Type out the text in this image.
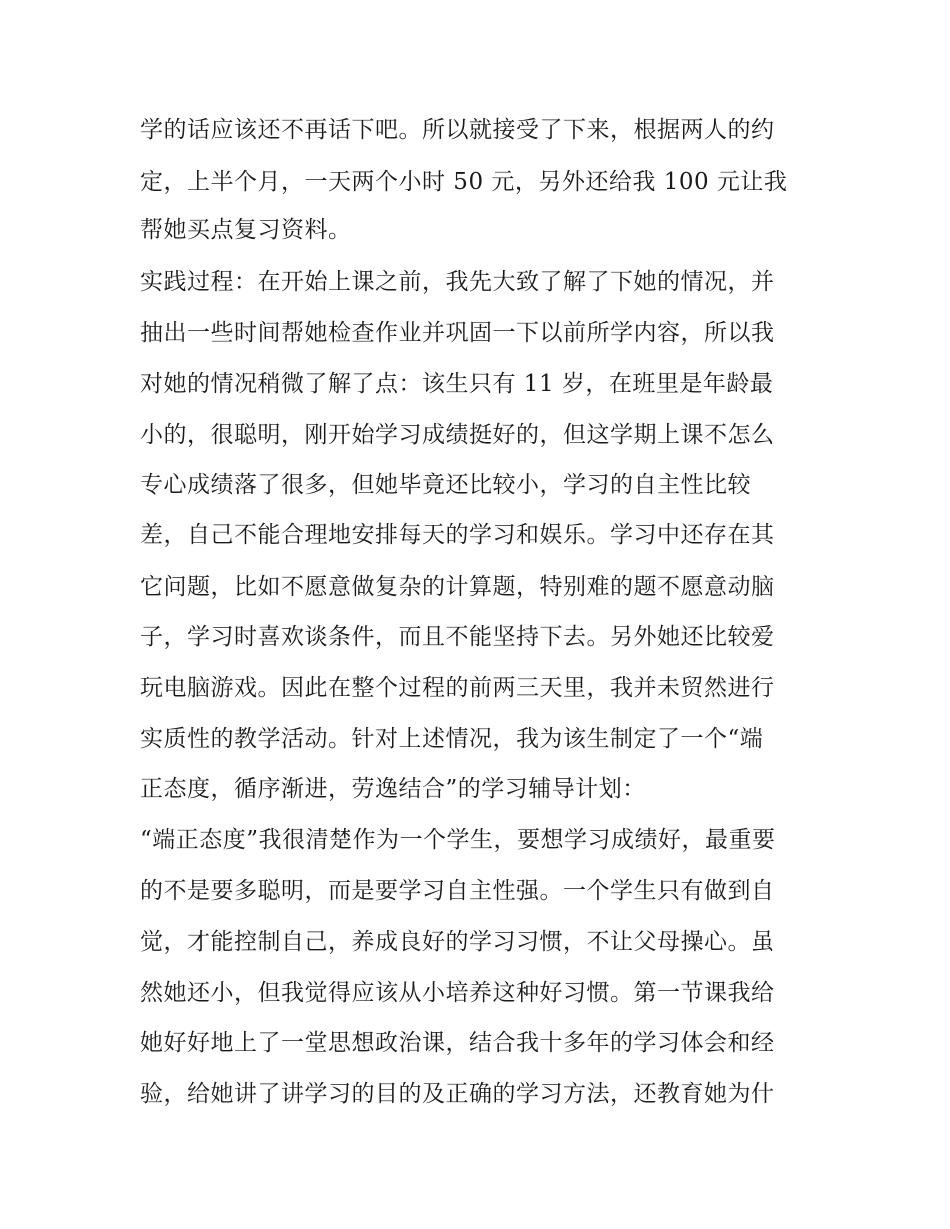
学的话应该还不再话下吧。所以就接受了下来，根据两人的约
定，上半个月，一天两个小时 50 元，另外还给我 100 元让我
帮她买点复习资料。
实践过程：在开始上课之前，我先大致了解了下她的情况，并
抽出一些时间帮她检查作业并巩固一下以前所学内容，所以我
对她的情况稍微了解了点：该生只有 11 岁，在班里是年龄最
小的，很聪明，刚开始学习成绩挺好的，但这学期上课不怎么
专心成绩落了很多，但她毕竟还比较小，学习的自主性比较
差，自己不能合理地安排每天的学习和娱乐。学习中还存在其
它问题，比如不愿意做复杂的计算题，特别难的题不愿意动脑
子，学习时喜欢谈条件，而且不能坚持下去。另外她还比较爱
玩电脑游戏。因此在整个过程的前两三天里，我并未贸然进行
实质性的教学活动。针对上述情况，我为该生制定了一个“端
正态度，循序渐进，劳逸结合”的学习辅导计划：
“端正态度”我很清楚作为一个学生，要想学习成绩好，最重要
的不是要多聪明，而是要学习自主性强。一个学生只有做到自
觉，才能控制自己，养成良好的学习习惯，不让父母操心。虽
然她还小，但我觉得应该从小培养这种好习惯。第一节课我给
她好好地上了一堂思想政治课，结合我十多年的学习体会和经
验，给她讲了讲学习的目的及正确的学习方法，还教育她为什
